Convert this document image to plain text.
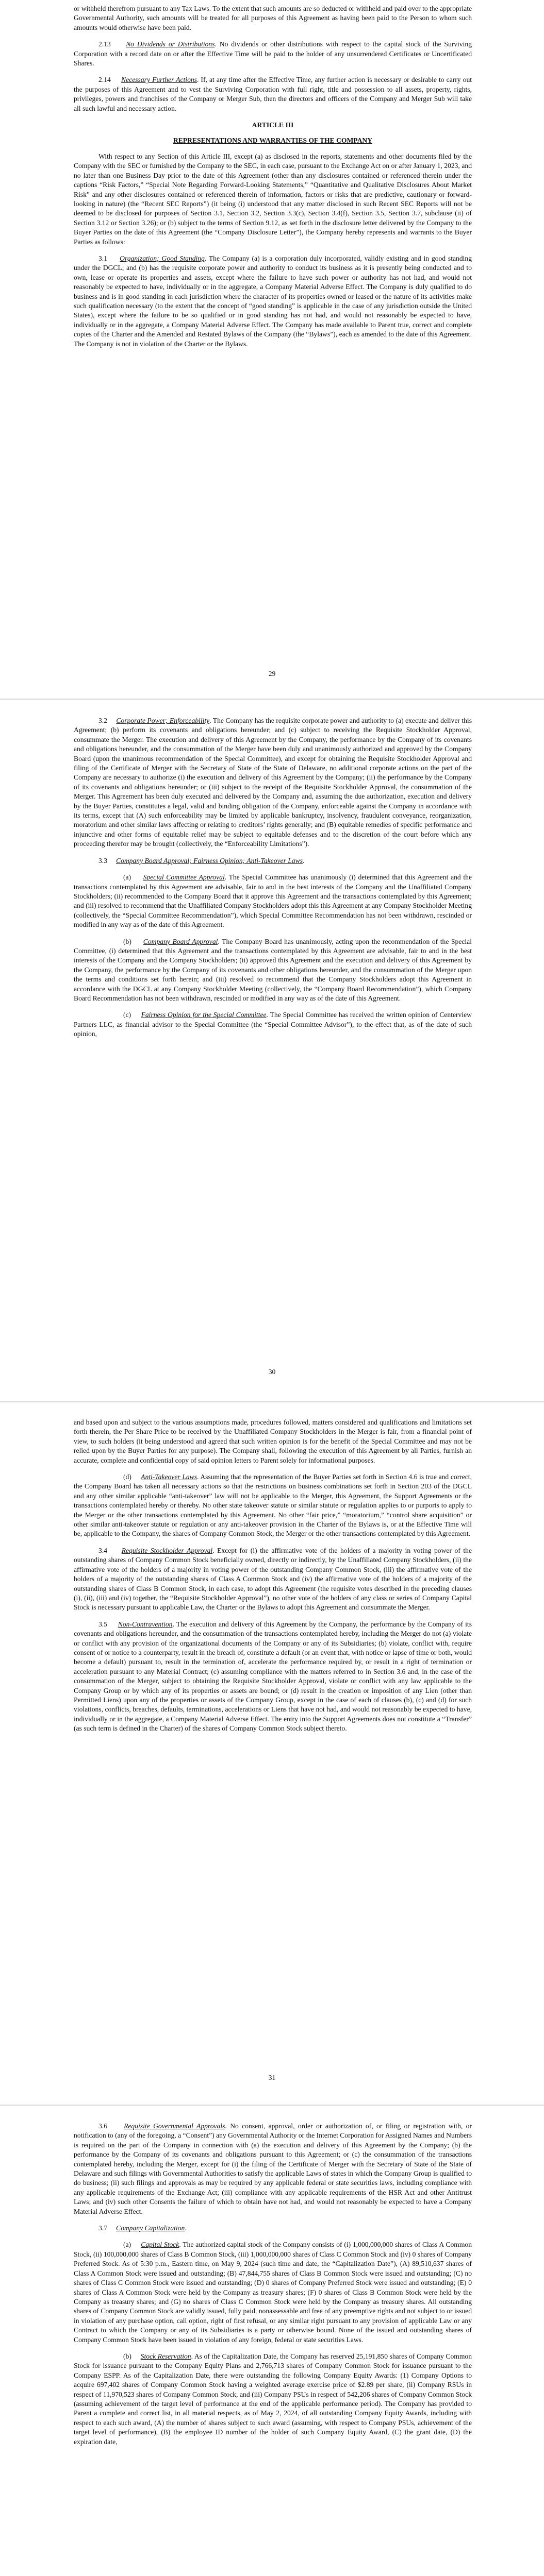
or withheld therefrom pursuant to any Tax Laws. To the extent that such amounts are so deducted or withheld and paid over to the appropriate Governmental Authority, such amounts will be treated for all purposes of this Agreement as having been paid to the Person to whom such amounts would otherwise have been paid.

2.13 No Dividends or Distributions. No dividends or other distributions with respect to the capital stock of the Surviving Corporation with a record date on or after the Effective Time will be paid to the holder of any unsurrendered Certificates or Uncertificated Shares.

2.14 Necessary Further Actions. If, at any time after the Effective Time, any further action is necessary or desirable to carry out the purposes of this Agreement and to vest the Surviving Corporation with full right, title and possession to all assets, property, rights, privileges, powers and franchises of the Company or Merger Sub, then the directors and officers of the Company and Merger Sub will take all such lawful and necessary action.

ARTICLE III

REPRESENTATIONS AND WARRANTIES OF THE COMPANY

With respect to any Section of this Article III, except (a) as disclosed in the reports, statements and other documents filed by the Company with the SEC or furnished by the Company to the SEC, in each case, pursuant to the Exchange Act on or after January 1, 2023, and no later than one Business Day prior to the date of this Agreement (other than any disclosures contained or referenced therein under the captions “Risk Factors,” “Special Note Regarding Forward-Looking Statements,” “Quantitative and Qualitative Disclosures About Market Risk” and any other disclosures contained or referenced therein of information, factors or risks that are predictive, cautionary or forward-looking in nature) (the “Recent SEC Reports”) (it being (i) understood that any matter disclosed in such Recent SEC Reports will not be deemed to be disclosed for purposes of Section 3.1, Section 3.2, Section 3.3(c), Section 3.4(f), Section 3.5, Section 3.7, subclause (ii) of Section 3.12 or Section 3.26); or (b) subject to the terms of Section 9.12, as set forth in the disclosure letter delivered by the Company to the Buyer Parties on the date of this Agreement (the “Company Disclosure Letter”), the Company hereby represents and warrants to the Buyer Parties as follows:

3.1 Organization; Good Standing. The Company (a) is a corporation duly incorporated, validly existing and in good standing under the DGCL; and (b) has the requisite corporate power and authority to conduct its business as it is presently being conducted and to own, lease or operate its properties and assets, except where the failure to have such power or authority has not had, and would not reasonably be expected to have, individually or in the aggregate, a Company Material Adverse Effect. The Company is duly qualified to do business and is in good standing in each jurisdiction where the character of its properties owned or leased or the nature of its activities make such qualification necessary (to the extent that the concept of “good standing” is applicable in the case of any jurisdiction outside the United States), except where the failure to be so qualified or in good standing has not had, and would not reasonably be expected to have, individually or in the aggregate, a Company Material Adverse Effect. The Company has made available to Parent true, correct and complete copies of the Charter and the Amended and Restated Bylaws of the Company (the “Bylaws”), each as amended to the date of this Agreement. The Company is not in violation of the Charter or the Bylaws.

29

3.2 Corporate Power; Enforceability. The Company has the requisite corporate power and authority to (a) execute and deliver this Agreement; (b) perform its covenants and obligations hereunder; and (c) subject to receiving the Requisite Stockholder Approval, consummate the Merger. The execution and delivery of this Agreement by the Company, the performance by the Company of its covenants and obligations hereunder, and the consummation of the Merger have been duly and unanimously authorized and approved by the Company Board (upon the unanimous recommendation of the Special Committee), and except for obtaining the Requisite Stockholder Approval and filing of the Certificate of Merger with the Secretary of State of the State of Delaware, no additional corporate actions on the part of the Company are necessary to authorize (i) the execution and delivery of this Agreement by the Company; (ii) the performance by the Company of its covenants and obligations hereunder; or (iii) subject to the receipt of the Requisite Stockholder Approval, the consummation of the Merger. This Agreement has been duly executed and delivered by the Company and, assuming the due authorization, execution and delivery by the Buyer Parties, constitutes a legal, valid and binding obligation of the Company, enforceable against the Company in accordance with its terms, except that (A) such enforceability may be limited by applicable bankruptcy, insolvency, fraudulent conveyance, reorganization, moratorium and other similar laws affecting or relating to creditors’ rights generally; and (B) equitable remedies of specific performance and injunctive and other forms of equitable relief may be subject to equitable defenses and to the discretion of the court before which any proceeding therefor may be brought (collectively, the “Enforceability Limitations”).

3.3 Company Board Approval; Fairness Opinion; Anti-Takeover Laws.

(a) Special Committee Approval. The Special Committee has unanimously (i) determined that this Agreement and the transactions contemplated by this Agreement are advisable, fair to and in the best interests of the Company and the Unaffiliated Company Stockholders; (ii) recommended to the Company Board that it approve this Agreement and the transactions contemplated by this Agreement; and (iii) resolved to recommend that the Unaffiliated Company Stockholders adopt this this Agreement at any Company Stockholder Meeting (collectively, the “Special Committee Recommendation”), which Special Committee Recommendation has not been withdrawn, rescinded or modified in any way as of the date of this Agreement.

(b) Company Board Approval. The Company Board has unanimously, acting upon the recommendation of the Special Committee, (i) determined that this Agreement and the transactions contemplated by this Agreement are advisable, fair to and in the best interests of the Company and the Company Stockholders; (ii) approved this Agreement and the execution and delivery of this Agreement by the Company, the performance by the Company of its covenants and other obligations hereunder, and the consummation of the Merger upon the terms and conditions set forth herein; and (iii) resolved to recommend that the Company Stockholders adopt this Agreement in accordance with the DGCL at any Company Stockholder Meeting (collectively, the “Company Board Recommendation”), which Company Board Recommendation has not been withdrawn, rescinded or modified in any way as of the date of this Agreement.

(c) Fairness Opinion for the Special Committee. The Special Committee has received the written opinion of Centerview Partners LLC, as financial advisor to the Special Committee (the “Special Committee Advisor”), to the effect that, as of the date of such opinion,

30

and based upon and subject to the various assumptions made, procedures followed, matters considered and qualifications and limitations set forth therein, the Per Share Price to be received by the Unaffiliated Company Stockholders in the Merger is fair, from a financial point of view, to such holders (it being understood and agreed that such written opinion is for the benefit of the Special Committee and may not be relied upon by the Buyer Parties for any purpose). The Company shall, following the execution of this Agreement by all Parties, furnish an accurate, complete and confidential copy of said opinion letters to Parent solely for informational purposes.

(d) Anti-Takeover Laws. Assuming that the representation of the Buyer Parties set forth in Section 4.6 is true and correct, the Company Board has taken all necessary actions so that the restrictions on business combinations set forth in Section 203 of the DGCL and any other similar applicable “anti-takeover” law will not be applicable to the Merger, this Agreement, the Support Agreements or the transactions contemplated hereby or thereby. No other state takeover statute or similar statute or regulation applies to or purports to apply to the Merger or the other transactions contemplated by this Agreement. No other “fair price,” “moratorium,” “control share acquisition” or other similar anti-takeover statute or regulation or any anti-takeover provision in the Charter of the Bylaws is, or at the Effective Time will be, applicable to the Company, the shares of Company Common Stock, the Merger or the other transactions contemplated by this Agreement.

3.4 Requisite Stockholder Approval. Except for (i) the affirmative vote of the holders of a majority in voting power of the outstanding shares of Company Common Stock beneficially owned, directly or indirectly, by the Unaffiliated Company Stockholders, (ii) the affirmative vote of the holders of a majority in voting power of the outstanding Company Common Stock, (iii) the affirmative vote of the holders of a majority of the outstanding shares of Class A Common Stock and (iv) the affirmative vote of the holders of a majority of the outstanding shares of Class B Common Stock, in each case, to adopt this Agreement (the requisite votes described in the preceding clauses (i), (ii), (iii) and (iv) together, the “Requisite Stockholder Approval”), no other vote of the holders of any class or series of Company Capital Stock is necessary pursuant to applicable Law, the Charter or the Bylaws to adopt this Agreement and consummate the Merger.

3.5 Non-Contravention. The execution and delivery of this Agreement by the Company, the performance by the Company of its covenants and obligations hereunder, and the consummation of the transactions contemplated hereby, including the Merger do not (a) violate or conflict with any provision of the organizational documents of the Company or any of its Subsidiaries; (b) violate, conflict with, require consent of or notice to a counterparty, result in the breach of, constitute a default (or an event that, with notice or lapse of time or both, would become a default) pursuant to, result in the termination of, accelerate the performance required by, or result in a right of termination or acceleration pursuant to any Material Contract; (c) assuming compliance with the matters referred to in Section 3.6 and, in the case of the consummation of the Merger, subject to obtaining the Requisite Stockholder Approval, violate or conflict with any law applicable to the Company Group or by which any of its properties or assets are bound; or (d) result in the creation or imposition of any Lien (other than Permitted Liens) upon any of the properties or assets of the Company Group, except in the case of each of clauses (b), (c) and (d) for such violations, conflicts, breaches, defaults, terminations, accelerations or Liens that have not had, and would not reasonably be expected to have, individually or in the aggregate, a Company Material Adverse Effect. The entry into the Support Agreements does not constitute a “Transfer” (as such term is defined in the Charter) of the shares of Company Common Stock subject thereto.

31

3.6 Requisite Governmental Approvals. No consent, approval, order or authorization of, or filing or registration with, or notification to (any of the foregoing, a “Consent”) any Governmental Authority or the Internet Corporation for Assigned Names and Numbers is required on the part of the Company in connection with (a) the execution and delivery of this Agreement by the Company; (b) the performance by the Company of its covenants and obligations pursuant to this Agreement; or (c) the consummation of the transactions contemplated hereby, including the Merger, except for (i) the filing of the Certificate of Merger with the Secretary of State of the State of Delaware and such filings with Governmental Authorities to satisfy the applicable Laws of states in which the Company Group is qualified to do business; (ii) such filings and approvals as may be required by any applicable federal or state securities laws, including compliance with any applicable requirements of the Exchange Act; (iii) compliance with any applicable requirements of the HSR Act and other Antitrust Laws; and (iv) such other Consents the failure of which to obtain have not had, and would not reasonably be expected to have a Company Material Adverse Effect.

3.7 Company Capitalization.

(a) Capital Stock. The authorized capital stock of the Company consists of (i) 1,000,000,000 shares of Class A Common Stock, (ii) 100,000,000 shares of Class B Common Stock, (iii) 1,000,000,000 shares of Class C Common Stock and (iv) 0 shares of Company Preferred Stock. As of 5:30 p.m., Eastern time, on May 9, 2024 (such time and date, the “Capitalization Date”), (A) 89,510,637 shares of Class A Common Stock were issued and outstanding; (B) 47,844,755 shares of Class B Common Stock were issued and outstanding; (C) no shares of Class C Common Stock were issued and outstanding; (D) 0 shares of Company Preferred Stock were issued and outstanding; (E) 0 shares of Class A Common Stock were held by the Company as treasury shares; (F) 0 shares of Class B Common Stock were held by the Company as treasury shares; and (G) no shares of Class C Common Stock were held by the Company as treasury shares. All outstanding shares of Company Common Stock are validly issued, fully paid, nonassessable and free of any preemptive rights and not subject to or issued in violation of any purchase option, call option, right of first refusal, or any similar right pursuant to any provision of applicable Law or any Contract to which the Company or any of its Subsidiaries is a party or otherwise bound. None of the issued and outstanding shares of Company Common Stock have been issued in violation of any foreign, federal or state securities Laws.

(b) Stock Reservation. As of the Capitalization Date, the Company has reserved 25,191,850 shares of Company Common Stock for issuance pursuant to the Company Equity Plans and 2,766,713 shares of Company Common Stock for issuance pursuant to the Company ESPP. As of the Capitalization Date, there were outstanding the following Company Equity Awards: (1) Company Options to acquire 697,402 shares of Company Common Stock having a weighted average exercise price of $2.89 per share, (ii) Company RSUs in respect of 11,970,523 shares of Company Common Stock, and (iii) Company PSUs in respect of 542,206 shares of Company Common Stock (assuming achievement of the target level of performance at the end of the applicable performance period). The Company has provided to Parent a complete and correct list, in all material respects, as of May 2, 2024, of all outstanding Company Equity Awards, including with respect to each such award, (A) the number of shares subject to such award (assuming, with respect to Company PSUs, achievement of the target level of performance), (B) the employee ID number of the holder of such Company Equity Award, (C) the grant date, (D) the expiration date,
